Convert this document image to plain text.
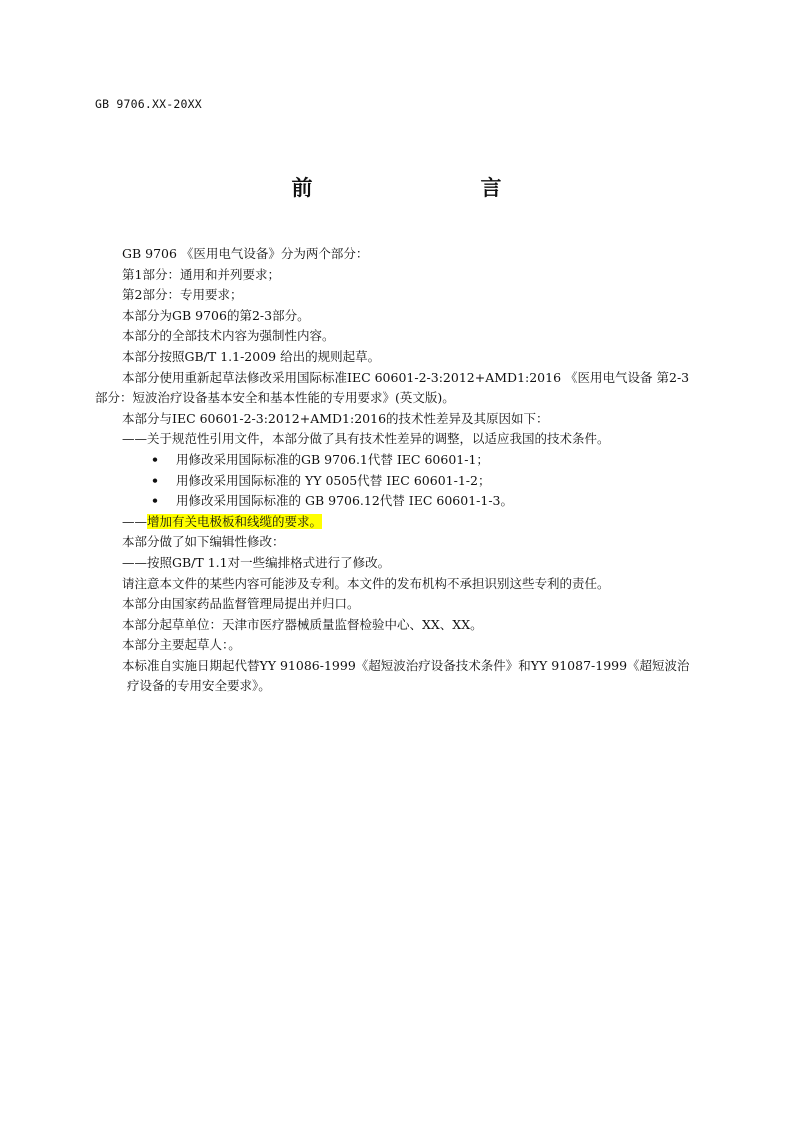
GB 9706.XX-20XX
前　　言
GB 9706 《医用电气设备》分为两个部分：
第1部分：通用和并列要求；
第2部分：专用要求；
本部分为GB 9706的第2-3部分。
本部分的全部技术内容为强制性内容。
本部分按照GB/T 1.1-2009 给出的规则起草。
本部分使用重新起草法修改采用国际标准IEC 60601-2-3:2012+AMD1:2016 《医用电气设备 第2-3
部分：短波治疗设备基本安全和基本性能的专用要求》(英文版)。
本部分与IEC 60601-2-3:2012+AMD1:2016的技术性差异及其原因如下：
——关于规范性引用文件，本部分做了具有技术性差异的调整，以适应我国的技术条件。
• 用修改采用国际标准的GB 9706.1代替 IEC 60601-1；
• 用修改采用国际标准的 YY 0505代替 IEC 60601-1-2；
• 用修改采用国际标准的 GB 9706.12代替 IEC 60601-1-3。
——增加有关电极板和线缆的要求。
本部分做了如下编辑性修改：
——按照GB/T 1.1对一些编排格式进行了修改。
请注意本文件的某些内容可能涉及专利。本文件的发布机构不承担识别这些专利的责任。
本部分由国家药品监督管理局提出并归口。
本部分起草单位：天津市医疗器械质量监督检验中心、XX、XX。
本部分主要起草人：。
本标准自实施日期起代替YY 91086-1999《超短波治疗设备技术条件》和YY 91087-1999《超短波治
疗设备的专用安全要求》。
